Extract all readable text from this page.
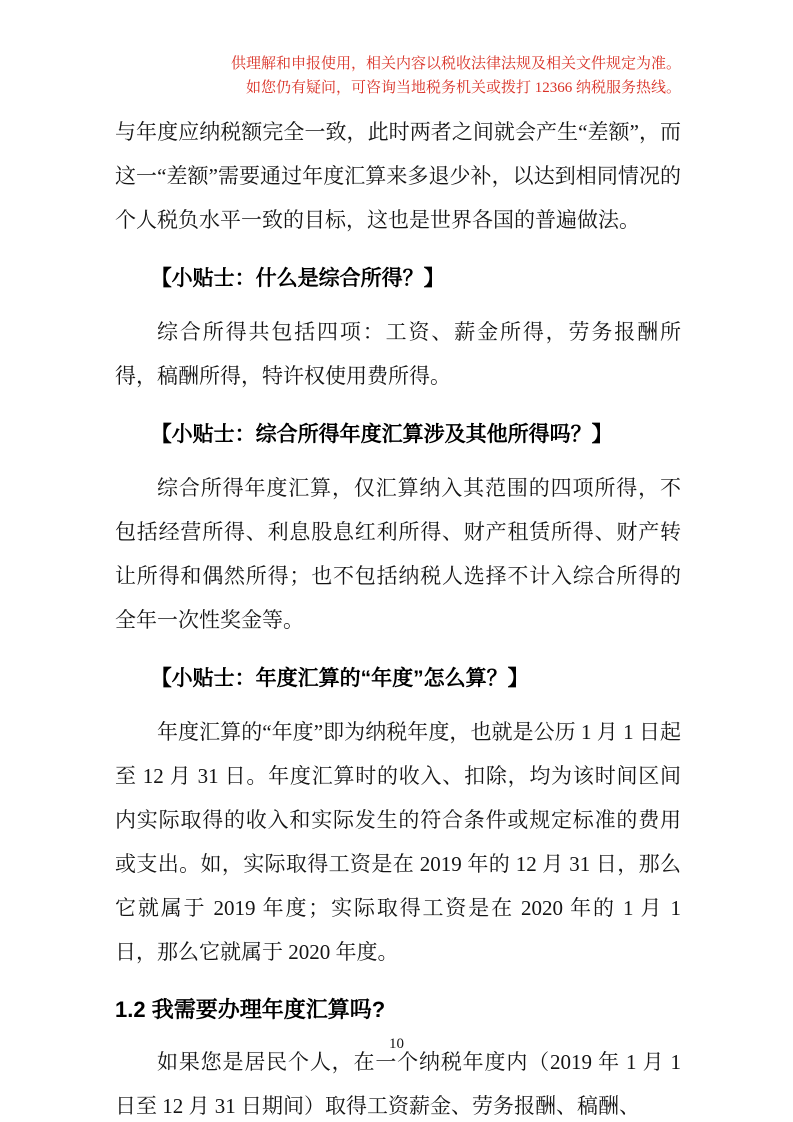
供理解和申报使用，相关内容以税收法律法规及相关文件规定为准。
如您仍有疑问，可咨询当地税务机关或拨打 12366 纳税服务热线。

与年度应纳税额完全一致，此时两者之间就会产生“差额”，而这一“差额”需要通过年度汇算来多退少补，以达到相同情况的个人税负水平一致的目标，这也是世界各国的普遍做法。

【小贴士：什么是综合所得？】

综合所得共包括四项：工资、薪金所得，劳务报酬所得，稿酬所得，特许权使用费所得。

【小贴士：综合所得年度汇算涉及其他所得吗？】

综合所得年度汇算，仅汇算纳入其范围的四项所得，不包括经营所得、利息股息红利所得、财产租赁所得、财产转让所得和偶然所得；也不包括纳税人选择不计入综合所得的全年一次性奖金等。

【小贴士：年度汇算的“年度”怎么算？】

年度汇算的“年度”即为纳税年度，也就是公历 1 月 1 日起至 12 月 31 日。年度汇算时的收入、扣除，均为该时间区间内实际取得的收入和实际发生的符合条件或规定标准的费用或支出。如，实际取得工资是在 2019 年的 12 月 31 日，那么它就属于 2019 年度；实际取得工资是在 2020 年的 1 月 1 日，那么它就属于 2020 年度。

1.2 我需要办理年度汇算吗?

如果您是居民个人，在一个纳税年度内（2019 年 1 月 1 日至 12 月 31 日期间）取得工资薪金、劳务报酬、稿酬、

10
